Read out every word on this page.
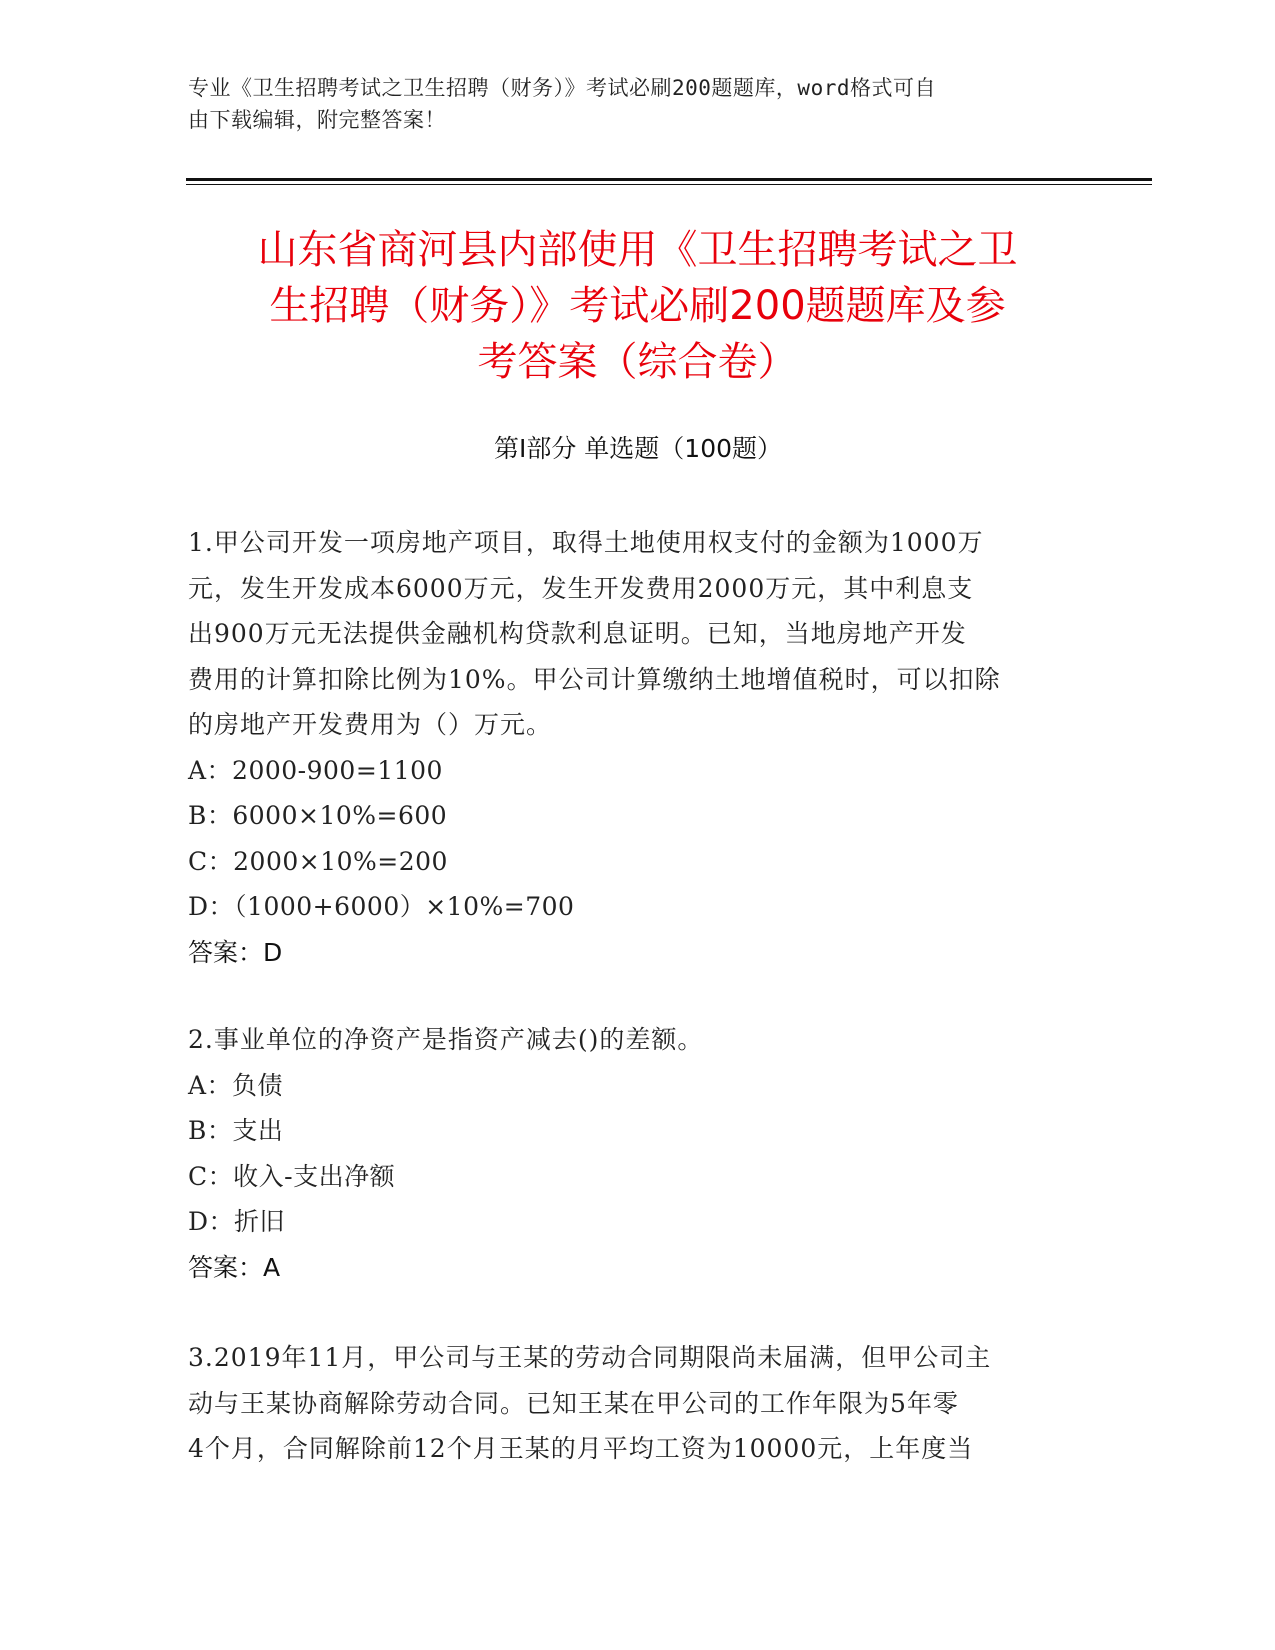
专业《卫生招聘考试之卫生招聘（财务）》考试必刷200题题库，word格式可自
由下载编辑，附完整答案！
山东省商河县内部使用《卫生招聘考试之卫
生招聘（财务）》考试必刷200题题库及参
考答案（综合卷）
第Ⅰ部分 单选题（100题）
1.甲公司开发一项房地产项目，取得土地使用权支付的金额为1000万
元，发生开发成本6000万元，发生开发费用2000万元，其中利息支
出900万元无法提供金融机构贷款利息证明。已知，当地房地产开发
费用的计算扣除比例为10%。甲公司计算缴纳土地增值税时，可以扣除
的房地产开发费用为（）万元。
A：2000-900=1100
B：6000×10%=600
C：2000×10%=200
D：（1000+6000）×10%=700
答案：D
2.事业单位的净资产是指资产减去()的差额。
A：负债
B：支出
C：收入-支出净额
D：折旧
答案：A
3.2019年11月，甲公司与王某的劳动合同期限尚未届满，但甲公司主
动与王某协商解除劳动合同。已知王某在甲公司的工作年限为5年零
4个月，合同解除前12个月王某的月平均工资为10000元，上年度当
